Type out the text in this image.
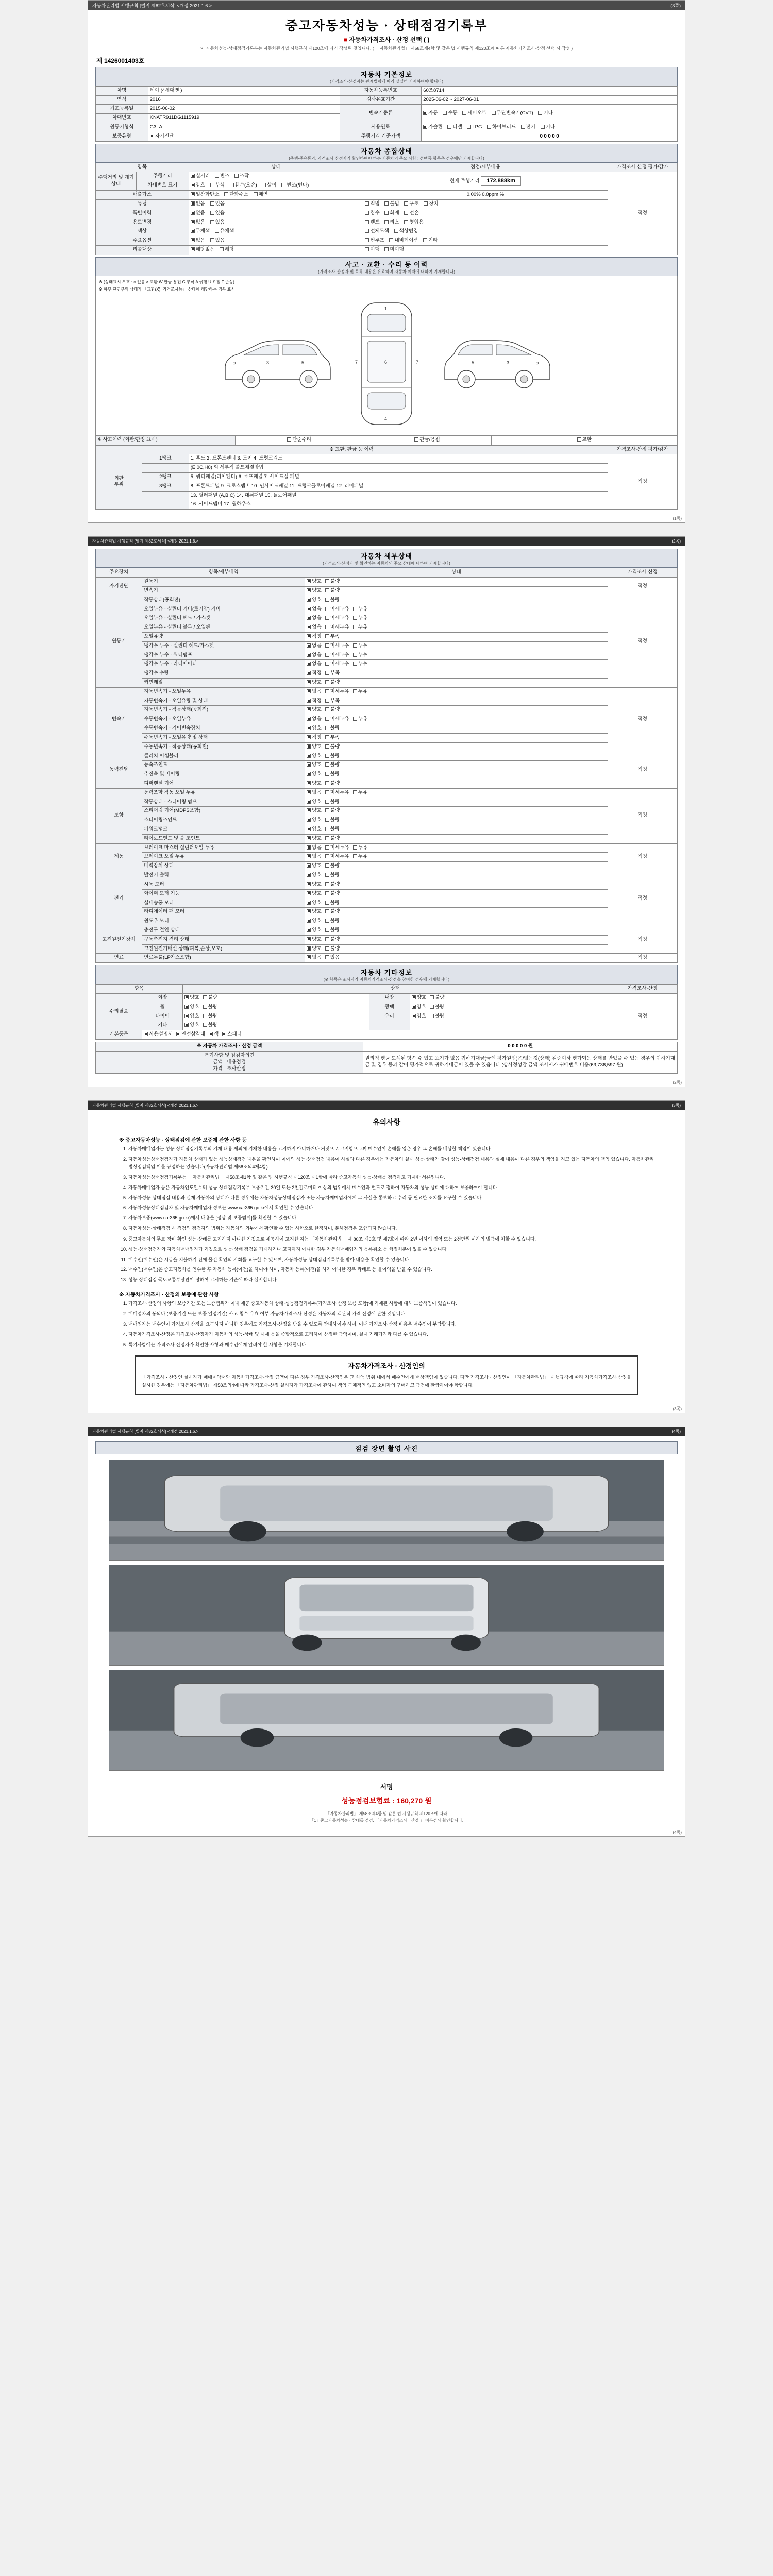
자동차관리법 시행규칙 [별지 제82호서식] <개정 2021.1.6.>	(3쪽)
중고자동차성능 · 상태점검기록부
■ 자동차가격조사 · 산정 선택 ( )
이 자동차성능·상태점검기록부는 자동차관리법 시행규칙 제120조에 따라 작성된 것입니다. ( 「자동차관리법」 제58조제4항 및 같은 법 시행규칙 제120조에 따른 자동차가격조사·산정 선택 시 작성 )
제 1426001403호
자동차 기본정보
(가격조사·산정자는 관계법령에 따라 성실히 기재하여야 합니다)
차명	레이 (4세대밴 )	자동차등록번호	60조8714
연식	2016	검사유효기간	2025-06-02 ~ 2027-06-01
최초등록일	2015-06-02	변속기종류	자동 수동 세미오토 무단변속기(CVT) 기타
차대번호	KNATR911DG1115919		
원동기형식	G3LA	사용연료	가솔린 디젤 LPG 하이브리드 전기 기타
보증유형	자기진단	주행거리 기준가액	0 0 0 0 0
자동차 종합상태
(주행·주유통과, 가격조사·산정자가 확인하여야 하는 자동차의 주요 사항 : 선택품 항목은 경우에만 기재합니다)
항목		상태	점검/세부내용	가격조사·산정 평가/감가
주행거리 및 계기상태	주행거리	실거리 변조 조작	현재 주행거리 172,888km	적정
	차대번호 표기	양호 부식 훼손(오손) 상이 변조(변타)		
배출가스		일산화탄소 탄화수소 매연	0.00% 0.0ppm %	
튜닝		없음 있음	적법 불법 구조 장치	
특별이력		없음 있음	침수 화재 전손	
용도변경		없음 있음	렌트 리스 영업용	
색상		무채색 유채색	전체도색 색상변경	
주요옵션		없음 있음	썬루프 내비게이션 기타	
리콜대상		해당없음 해당	이행 미이행	
사고 · 교환 · 수리 등 이력
(가격조사·산정자 및 목록·내용은 유효하며 자동차 이력에 대하여 기재합니다)
※ (상태표시 부호 : ○ 없음 × 교환 W 판금·용접 C 부식 A 긁힘 U 요철 T 손상)
※ 하부 단면부의 상태가 「교환(X), 가격조사등」 상태에 해당하는 경우 표시
3	5
2
1
6
4
7	7	3
5	2
※ 사고이력 (외판/판정 표시)	단순수리	판금/용접	교환
※ 교환, 판금 등 이력			가격조사·산정 평가/감가
외판
부위	1랭크	1. 후드 2. 프론트펜더 3. 도어 4. 트렁크리드	적정
		(E,0C,H0) 외 세부적 볼트체결방법	
	2랭크	5. 쿼터패널(리어펜더) 6. 루프패널 7. 사이드실 패널	
	3랭크	8. 프론트패널 9. 크로스멤버 10. 인사이드패널 11. 트렁크플로어패널 12. 리어패널	
		13. 필러패널 (A,B,C) 14. 대쉬패널 15. 플로어패널	
		16. 사이드멤버 17. 휠하우스	
(1쪽)
자동차관리법 시행규칙 [별지 제82호서식] <개정 2021.1.6.>	(2쪽)
자동차 세부상태
(가격조사·산정자 및 확인하는 자동차의 주요 상태에 대하여 기재합니다)
주요장치	항목/세부내역	상태	가격조사·산정
자기진단	원동기	양호 불량	적정
	변속기	양호 불량	
원동기	작동상태(공회전)	양호 불량	적정
	오일누유 - 실린더 커버(로커암) 커버	없음 미세누유 누유	
	오일누유 - 실린더 헤드 / 가스켓	없음 미세누유 누유	
	오일누유 - 실린더 블록 / 오일팬	없음 미세누유 누유	
	오일유량	적정 부족	
	냉각수 누수 - 실린더 헤드/가스켓	없음 미세누수 누수	
	냉각수 누수 - 워터펌프	없음 미세누수 누수	
	냉각수 누수 - 라디에이터	없음 미세누수 누수	
	냉각수 수량	적정 부족	
	커먼레일	양호 불량	
변속기	자동변속기 - 오일누유	없음 미세누유 누유	적정
	자동변속기 - 오일유량 및 상태	적정 부족	
	자동변속기 - 작동상태(공회전)	양호 불량	
	수동변속기 - 오일누유	없음 미세누유 누유	
	수동변속기 - 기어변속장치	양호 불량	
	수동변속기 - 오일유량 및 상태	적정 부족	
	수동변속기 - 작동상태(공회전)	양호 불량	
동력전달	클러치 어셈블리	양호 불량	적정
	등속조인트	양호 불량	
	추진축 및 베어링	양호 불량	
	디퍼렌셜 기어	양호 불량	
조향	동력조향 작동 오일 누유	없음 미세누유 누유	적정
	작동상태 - 스티어링 펌프	양호 불량	
	스티어링 기어(MDPS포함)	양호 불량	
	스티어링조인트	양호 불량	
	파워크랭크	양호 불량	
	타이로드엔드 및 볼 조인트	양호 불량	
제동	브레이크 마스터 실린더오일 누유	없음 미세누유 누유	적정
	브레이크 오일 누유	없음 미세누유 누유	
	배력장치 상태	양호 불량	
전기	발전기 출력	양호 불량	적정
	시동 모터	양호 불량	
	와이퍼 모터 기능	양호 불량	
	실내송풍 모터	양호 불량	
	라디에이터 팬 모터	양호 불량	
	윈도우 모터	양호 불량	
고전원전기장치	충전구 절연 상태	양호 불량	적정
	구동축전지 격리 상태	양호 불량	
	고전원전기배선 상태(피복,손상,보호)	양호 불량	
연료	연료누출(LP가스포함)	없음 있음	적정
자동차 기타정보
(※ 항목은 조사자가 자동차가격조사·산정을 참여한 경우에 기재합니다)
항목		상태			가격조사·산정
수리필요	외장	양호 불량	내장	양호 불량	적정
	휠	양호 불량	광택	양호 불량	
	타이어	양호 불량	유리	양호 불량	
	기타	양호 불량			
기본품목	사용설명서 안전삼각대 잭 스패너				
※ 자동차 가격조사 · 산정 금액	0 0 0 0 0 원

특기사항 및 점검자의견
금액 · 내용점검
가격 · 조사산정	권리적 평균 도색된 당쪽 수 있고 표기가 없음 귀하기대금(금액 평가원법)은/없는것(상태) 검증이하 평가되는 상태를 받았을 수 있는 경우의 귀하기대금 및 경우 등과 같이 평가적으로 귀하기대금이 있을 수 있음니다 (상사정성감 금액 조사시가 귀에번호 비용(63,736,597 원)
(2쪽)
자동차관리법 시행규칙 [별지 제82호서식] <개정 2021.1.6.>	(3쪽)
유의사항
※ 중고자동차성능 · 상태점검에 관한 보증에 관한 사항 등
1. 자동차매매업자는 성능·상태점검기록부의 기재 내용 제외에 기재한 내용을 고지하지 아니하거나 거짓으로 고지함으로써 매수인이 손해를 입은 경우 그 손해를 배상할 책임이 있습니다.
2. 자동차성능상태점검자가 자동차 상태가 있는 성능상태점검 내용을 확인하여 이에의 성능·상태점검 내용이 사실과 다른 경우에는 자동차의 실제 성능·상태와 같이 성능·상태점검 내용과 실제 내용이 다른 경우의 책임을 지고 있는 자동차의 책임 있습니다. 자동차관리법상점검책임 이를 규정하는 있습니다(자동차관리법 제58조의4제4항).
3. 자동차성능상태점검기록부는 「자동차관리법」 제58조제1항 및 같은 법 시행규칙 제120조 제1항에 따라 중고자동차 성능·상태를 점검하고 기재한 서류입니다.
4. 자동차매매업자 등은 자동차인도일부터 성능·상태점검기록부 보증기간 30일 또는 2천킬로미터 이상의 범위에서 매수인과 별도로 정하여 자동차의 성능·상태에 대하여 보증하여야 합니다.
5. 자동차성능·상태점검 내용과 실제 자동차의 상태가 다른 경우에는 자동차성능상태점검자 또는 자동차매매업자에게 그 사실을 통보하고 수리 등 필요한 조치를 요구할 수 있습니다.
6. 자동차성능상태점검자 및 자동차매매업자 정보는 www.car365.go.kr에서 확인할 수 있습니다.
7. 자동차보증(www.car365.go.kr)에서 내용을 [정상 및 보증범위]를 확인할 수 있습니다.
8. 자동차성능·상태점검 시 점검의 점검자의 범위는 자동차의 외부에서 확인할 수 있는 사항으로 한정하며, 분해점검은 포함되지 않습니다.
9. 중고자동차의 무료·장비 확인 성능·상태를 고지하지 아니한 거짓으로 제공하여 고지한 자는 「자동차관리법」 제 80조 제6호 및 제7호에 따라 2년 이하의 징역 또는 2천만원 이하의 벌금에 처할 수 있습니다.
10. 성능·상태점검자와 자동차매매업자가 거짓으로 성능·상태 점검을 기재하거나 고지하지 아니한 경우 자동차매매업자의 등록취소 등 행정처분이 있을 수 있습니다.
11. 매수인(매수인)은 시급을 지불하기 전에 물건 확인의 기회를 요구할 수 있으며, 자동차성능·상태점검기록부를 받아 내용을 확인할 수 있습니다.
12. 매수인(매수인)은 중고자동차를 인수한 후 자동차 등록(이전)을 하여야 하며, 자동차 등록(이전)을 하지 아니한 경우 과태료 등 불이익을 받을 수 있습니다.
13. 성능·상태점검 국토교통부장관이 정하여 고시하는 기준에 따라 실시합니다.
※ 자동차가격조사 · 산정의 보증에 관한 사항
1. 가격조사·산정의 사항의 보증기간 또는 보증범위가 이내 제공 중고자동차 상태·성능점검기록부(가격조사·산정 보증 포함)에 기재된 사항에 대해 보증책임이 있습니다.
2. 매매업자의 동의나 (보증기간 또는 보증 일정기간) 사고·침수·유효 여부 자동차가격조사·산정은 자동차의 객관적 가격 산정에 관한 것입니다.
3. 매매업자는 매수인이 가격조사·산정을 요구하지 아니한 경우에도 가격조사·산정을 받을 수 있도록 안내하여야 하며, 이때 가격조사·산정 비용은 매수인이 부담합니다.
4. 자동차가격조사·산정은 가격조사·산정자가 자동차의 성능·상태 및 시세 등을 종합적으로 고려하여 산정한 금액이며, 실제 거래가격과 다를 수 있습니다.
5. 특기사항에는 가격조사·산정자가 확인한 사항과 매수인에게 알려야 할 사항을 기재합니다.
자동차가격조사 · 산정인의
「가격조사 · 산정인 실시자가 매매계약서와 자동차가격조사·산정 금액이 다른 경우 가격조사·산정인은 그 차액 범위 내에서 매수인에게 배상책임이 있습니다. 다만 가격조사 · 산정인이 「자동차관리법」 시행규칙에 따라 자동차가격조사·산정을 실시한 경우에는 「자동차관리법」 제58조의4에 따라 가격조사·산정 실시자가 가격조사에 관하여 책임 구체적인 없고 소비자의 구매하고 금전에 환급하여야 함합니다.
(3쪽)
자동차관리법 시행규칙 [별지 제82호서식] <개정 2021.1.6.>	(4쪽)
점검 장면 촬영 사진
서명
성능점검보험료 : 160,270 원
「자동차관리법」 제58조제4항 및 같은 법 시행규칙 제120조에 따라
「1」중고자동차성능 · 상태를 점검, 「자동차가격조사 · 산정 」 여부검사 확인합니다.
(4쪽)
